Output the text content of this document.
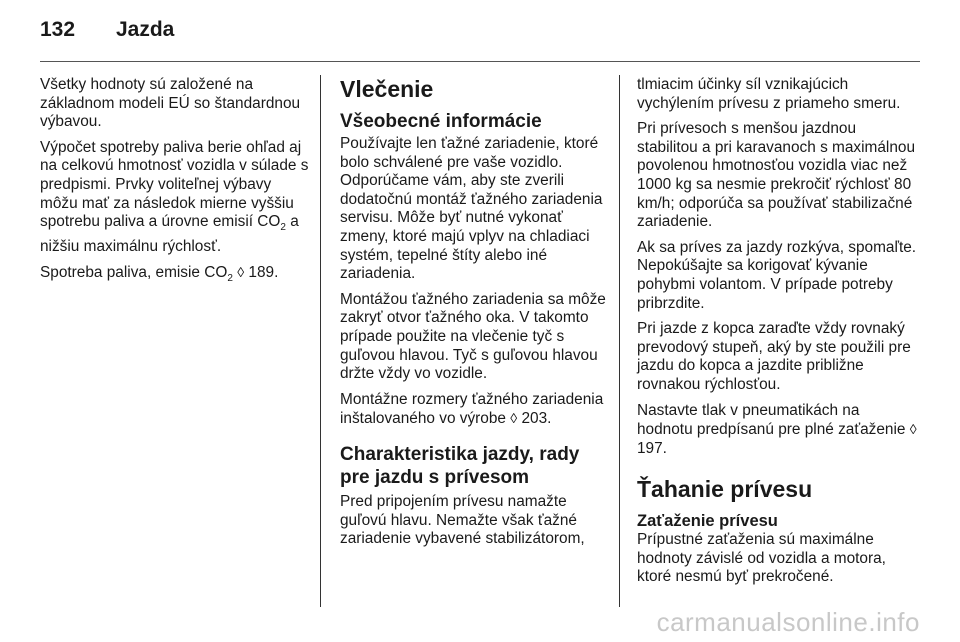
132	Jazda

Všetky hodnoty sú založené na základnom modeli EÚ so štandardnou výbavou.

Výpočet spotreby paliva berie ohľad aj na celkovú hmotnosť vozidla v súlade s predpismi. Prvky voliteľnej výbavy môžu mať za následok mierne vyššiu spotrebu paliva a úrovne emisií $CO_2$ a nižšiu maximálnu rýchlosť.

Spotreba paliva, emisie $CO_2$ ◊ 189.

Vlečenie
Všeobecné informácie

Používajte len ťažné zariadenie, ktoré bolo schválené pre vaše vozidlo. Odporúčame vám, aby ste zverili dodatočnú montáž ťažného zariadenia servisu. Môže byť nutné vykonať zmeny, ktoré majú vplyv na chladiaci systém, tepelné štíty alebo iné zariadenia.

Montážou ťažného zariadenia sa môže zakryť otvor ťažného oka. V takomto prípade použite na vlečenie tyč s guľovou hlavou. Tyč s guľovou hlavou držte vždy vo vozidle.

Montážne rozmery ťažného zariadenia inštalovaného vo výrobe ◊ 203.

Charakteristika jazdy, rady pre jazdu s prívesom

Pred pripojením prívesu namažte guľovú hlavu. Nemažte však ťažné zariadenie vybavené stabilizátorom,

tlmiacim účinky síl vznikajúcich vychýlením prívesu z priameho smeru.

Pri prívesoch s menšou jazdnou stabilitou a pri karavanoch s maximálnou povolenou hmotnosťou vozidla viac než 1000 kg sa nesmie prekročiť rýchlosť 80 km/h; odporúča sa používať stabilizačné zariadenie.

Ak sa príves za jazdy rozkýva, spomaľte. Nepokúšajte sa korigovať kývanie pohybmi volantom. V prípade potreby pribrzdite.

Pri jazde z kopca zaraďte vždy rovnaký prevodový stupeň, aký by ste použili pre jazdu do kopca a jazdite približne rovnakou rýchlosťou.

Nastavte tlak v pneumatikách na hodnotu predpísanú pre plné zaťaženie ◊ 197.

Ťahanie prívesu
Zaťaženie prívesu

Prípustné zaťaženia sú maximálne hodnoty závislé od vozidla a motora, ktoré nesmú byť prekročené.

carmanualsonline.info
